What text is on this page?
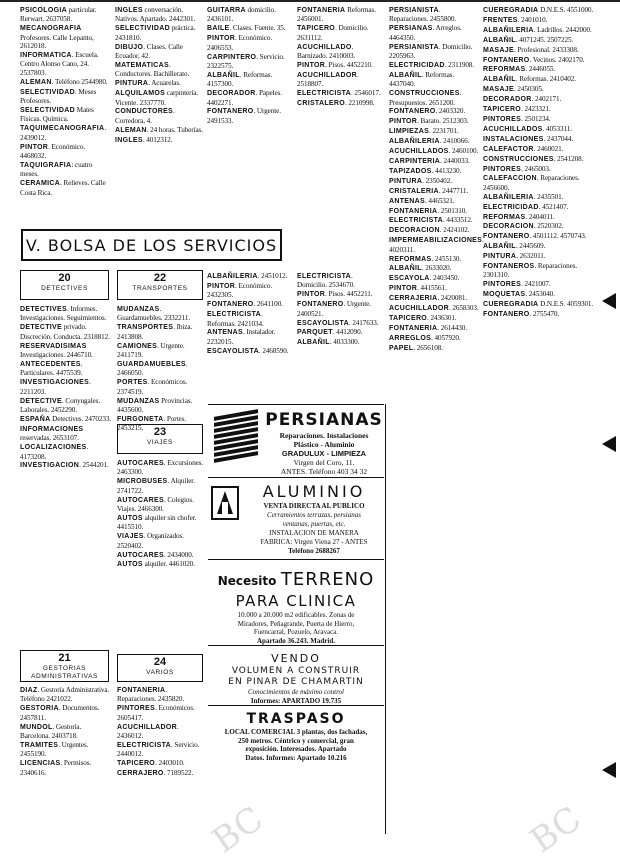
PSICOLOGIA particular. Rerwart. 2637058.

MECANOGRAFIA Profesores. Calle Lepanto, 2612018.

INFORMATICA. Escuela. Centro Alonso Cano, 24. 2537803.

ALEMAN. Teléfono 2544980.

SELECTIVIDAD. Meses Profesores.

SELECTIVIDAD Mates Físicas. Química.

TAQUIMECANOGRAFIA. 2439012.

PINTOR. Económico. 4468032.

TAQUIGRAFIA: cuatro meses.

CERAMICA. Relieves. Calle Costa Rica.

INGLES conversación. Nativos. Apartado. 2442301.

SELECTIVIDAD práctica. 2431810.

DIBUJO. Clases. Calle Ecuador, 42.

MATEMATICAS. Conductores. Bachillerato.

PINTURA. Acuarelas.

ALQUILAMOS carpintería. Vicente. 2337770.

CONDUCTORES. Corredora, 4.

ALEMAN. 24 horas. Tuberías.

INGLES. 4012312.

GUITARRA domicilio. 2436101.

BAILE. Clases. Fuente. 35.

PINTOR. Económico. 2406553.

CARPINTERO. Servicio. 2322575.

ALBAÑIL. Reformas. 4157300.

DECORADOR. Papeles. 4402271.

FONTANERO. Urgente. 2491533.

FONTANERIA Reformas. 2456001.

TAPICERO. Domicilio. 2631112.

ACUCHILLADO. Barnizado. 2410003.

PINTOR. Pisos. 4452210.

ACUCHILLADOR. 2518807.

ELECTRICISTA. 2546017.

CRISTALERO. 2210998.

V. BOLSA DE LOS SERVICIOS
20
DETECTIVES

DETECTIVES. Informes. Investigaciones. Seguimientos.

DETECTIVE privado. Discreción. Conducta. 2318812.

RESERVADISIMAS Investigaciones. 2446710.

ANTECEDENTES. Particulares. 4475539.

INVESTIGACIONES. 2211203.

DETECTIVE. Conyugales. Laborales. 2452290.

ESPAÑA Detectives. 2470233.

INFORMACIONES reservadas. 2653107.

LOCALIZACIONES. 4173208.

INVESTIGACION. 2544201.

21
GESTORIAS ADMINISTRATIVAS

DIAZ. Gestoría Administrativa. Teléfono 2421022.

GESTORIA. Documentos. 2457811.

MUNDOL. Gestoría. Barcelona. 2403718.

TRAMITES. Urgentes. 2455190.

LICENCIAS. Permisos. 2340616.

22
TRANSPORTES

MUDANZAS. Guardamuebles. 2332211.

TRANSPORTES. Ibiza. 2413808.

CAMIONES. Urgente. 2411719.

GUARDAMUEBLES. 2466050.

PORTES. Económicos. 2374519.

MUDANZAS Provincias. 4435600.

FURGONETA. Portes. 2453215. 23
VIAJES

AUTOCARES. Excursiones. 2463300.

MICROBUSES. Alquiler. 2741722.

AUTOCARES. Colegios. Viajes. 2466300.

AUTOS alquiler sin chofer. 4415510.

VIAJES. Organizados. 2520402.

AUTOCARES. 2434000.

AUTOS alquiler. 4461020.

24
VARIOS

FONTANERIA. Reparaciones. 2435820.

PINTORES. Económicos. 2605417.

ACUCHILLADOR. 2436012.

ELECTRICISTA. Servicio. 2440012.

TAPICERO. 2403010.

CERRAJERO. 7189522.

ALBAÑILERIA. 2451012.

PINTOR. Económico. 2432305.

FONTANERO. 2641100.

ELECTRICISTA. Reformas. 2421034.

ANTENAS. Instalador. 2232015.

ESCAYOLISTA. 2468590.

ELECTRICISTA. Domicilio. 2534670.

PINTOR. Pisos. 4452211.

FONTANERO. Urgente. 2400521.

ESCAYOLISTA. 2417633.

PARQUET. 4412090.

ALBAÑIL. 4033300.

PERSIANISTA. Reparaciones. 2455800.

PERSIANAS. Arreglos. 4464350.

PERSIANISTA. Domicilio. 2205963.

ELECTRICIDAD. 2311908.

ALBAÑIL. Reformas. 4437040.

CONSTRUCCIONES. Presupuestos. 2651200.

FONTANERO. 2403320.

PINTOR. Barato. 2512303.

LIMPIEZAS. 2231701.

ALBAÑILERIA. 2410066.

ACUCHILLADOS. 2460100.

CARPINTERIA. 2440033.

TAPIZADOS. 4413230.

PINTURA. 2350402.

CRISTALERIA. 2447711.

ANTENAS. 4465321.

FONTANERIA. 2501310.

ELECTRICISTA. 4433512.

DECORACION. 2424102.

IMPERMEABILIZACIONES. 4020311.

REFORMAS. 2455130.

ALBAÑIL. 2633020.

ESCAYOLA. 2403450.

PINTOR. 4415561.

CERRAJERIA. 2420081.

ACUCHILLADOR. 2658303.

TAPICERO. 2436301.

FONTANERIA. 2614430.

ARREGLOS. 4057920.

PAPEL. 2656108.

CUEREGRADIA D.N.E.S. 4551000.

FRENTES. 2401010.

ALBAÑILERIA. Ladrillos. 2442000.

ALBAÑIL. 4071245. 2507225.

MASAJE. Profesional. 2433308.

FONTANERO. Vecinos. 2402170.

REFORMAS. 2446055.

ALBAÑIL. Reformas. 2410402.

MASAJE. 2450305.

DECORADOR. 2402171.

TAPICERO. 2423321.

PINTORES. 2501234.

ACUCHILLADOS. 4053311.

INSTALACIONES. 2437044.

CALEFACTOR. 2460021.

CONSTRUCCIONES. 2541208.

PINTORES. 2465003.

CALEFACCION. Reparaciones. 2456600.

ALBAÑILERIA. 2435501.

ELECTRICIDAD. 4521407.

REFORMAS. 2404011.

DECORACION. 2520302.

FONTANERO. 4501112. 4570743.

ALBAÑIL. 2445609.

PINTURA. 2632011.

FONTANEROS. Reparaciones. 2301310.

PINTORES. 2421007.

MOQUETAS. 2453040.

CUEREGRADIA D.N.E.S. 4059301.

FONTANERO. 2755470.

PERSIANAS
Reparaciones. Instalaciones
Plástico - Aluminio
GRADULUX - LIMPIEZA
Virgen del Coro, 11.
ANTES. Teléfono 403 34 32
ALUMINIO
VENTA DIRECTA AL PUBLICO
Cerramientos terrazas, persianas
ventanas, puertas, etc.
INSTALACION DE MANERA
FABRICA: Virgen Viena 27 - ANTES
Teléfono 2688267
Necesito TERRENO
PARA CLINICA
10.000 a 20.000 m2 edificables. Zonas de
Miradores, Peñagrande, Puerta de Hierro,
Fuencarral, Pozuelo, Aravaca.
Apartado 36.243. Madrid.
VENDO
VOLUMEN A CONSTRUIR
EN PINAR DE CHAMARTIN
Conocimientos de máximo control
Informes: APARTADO 19.735
TRASPASO
LOCAL COMERCIAL 3 plantas, dos fachadas,
250 metros. Céntrico y comercial, gran
exposición. Interesados. Apartado
Datos. Informes: Apartado 10.216
BC	BC
